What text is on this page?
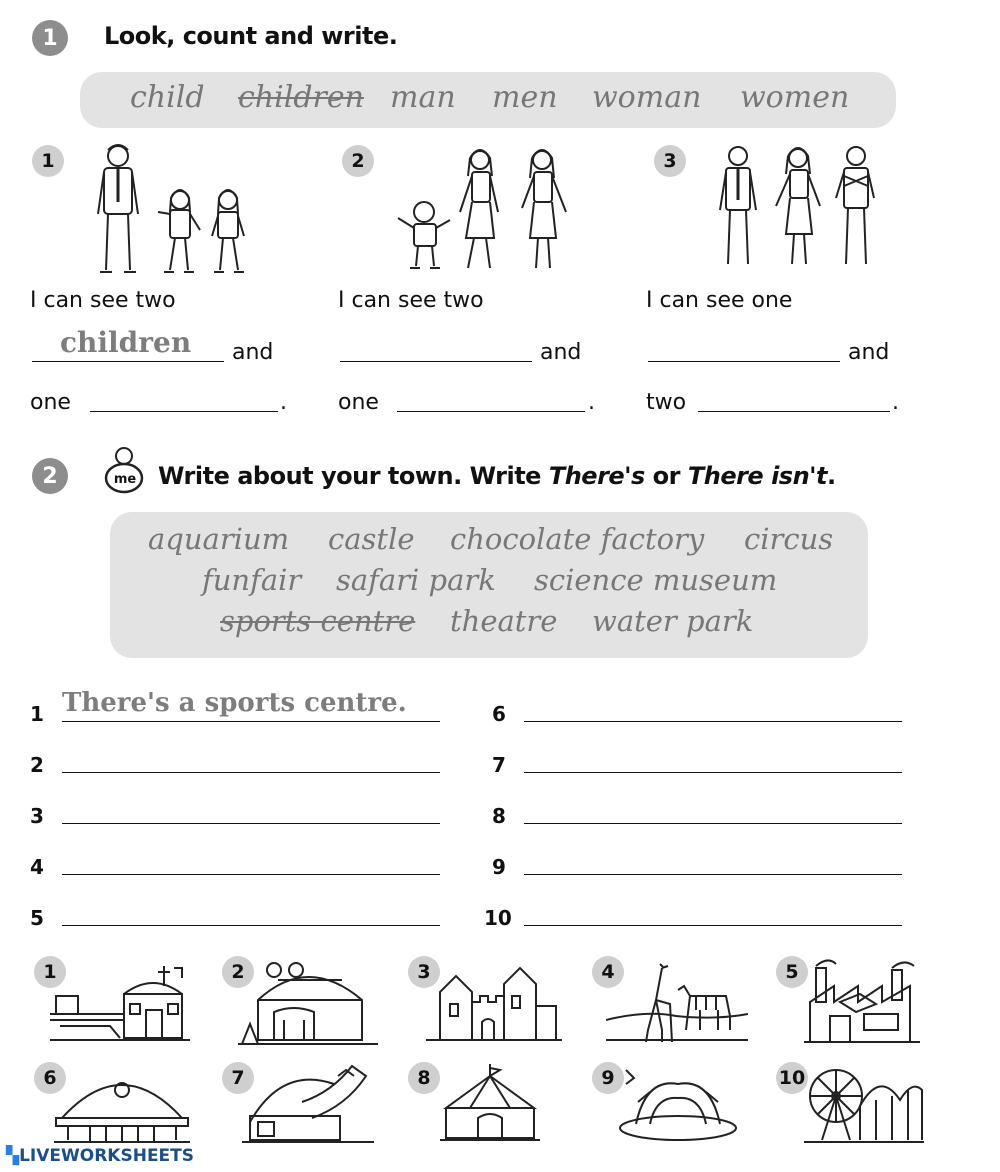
1	Look, count and write.
child children man men woman women
1
I can see two
children and
one	.
2
I can see two
and
one	.
3
I can see one
and
two	.
2	me Write about your town. Write There's or There isn't.
aquarium castle chocolate factory circus
funfair safari park science museum
sports centre theatre water park
1 There's a sports centre.
2
3
4
5
6
7
8
9
10
1	2	3	4	5
6	7	8	9	10
▚LIVEWORKSHEETS
